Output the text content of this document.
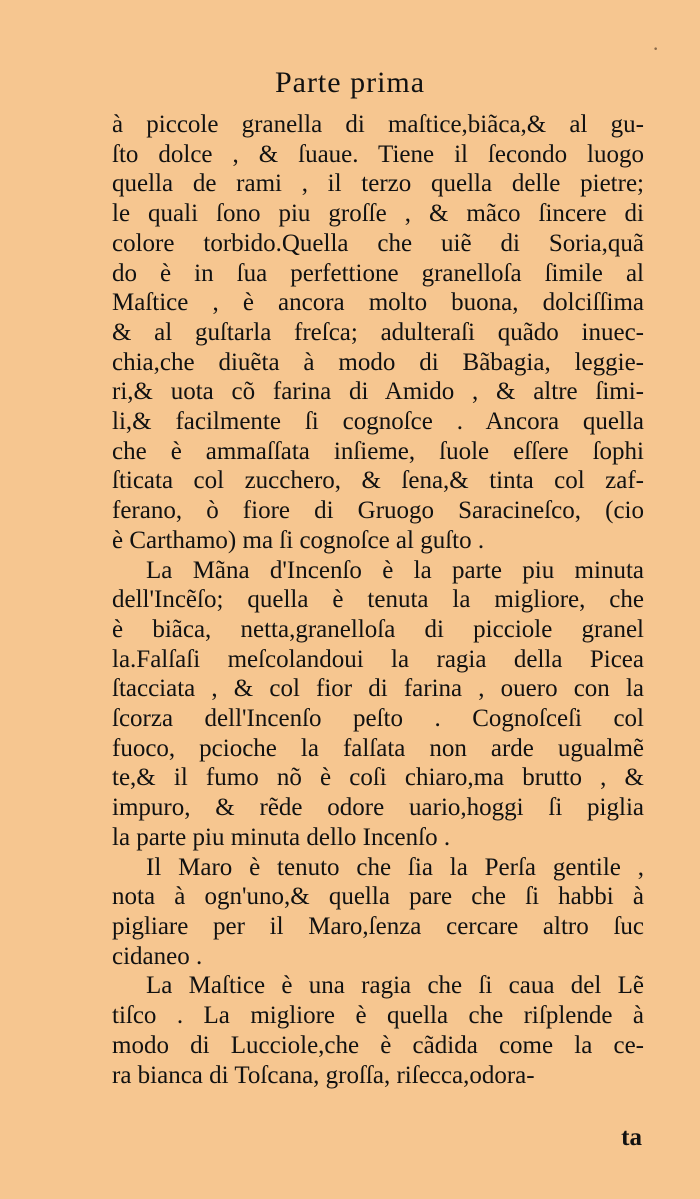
Parte prima
à piccole granella di maſtice,biãca,& al gu-
ſto dolce , & ſuaue. Tiene il ſecondo luogo
quella de rami , il terzo quella delle pietre;
le quali ſono piu groſſe , & mãco ſincere di
colore torbido.Quella che uiẽ di Soria,quã
do è in ſua perfettione granelloſa ſimile al
Maſtice , è ancora molto buona, dolciſſima
& al guſtarla freſca; adulteraſi quãdo inuec-
chia,che diuẽta à modo di Bãbagia, leggie-
ri,& uota cõ farina di Amido , & altre ſimi-
li,& facilmente ſi cognoſce . Ancora quella
che è ammaſſata inſieme, ſuole eſſere ſophi
ſticata col zucchero, & ſena,& tinta col zaf-
ferano, ò fiore di Gruogo Saracineſco, (cio
è Carthamo) ma ſi cognoſce al guſto .
La Mãna d'Incenſo è la parte piu minuta
dell'Incẽſo; quella è tenuta la migliore, che
è biãca, netta,granelloſa di picciole granel
la.Falſaſi meſcolandoui la ragia della Picea
ſtacciata , & col fior di farina , ouero con la
ſcorza dell'Incenſo peſto . Cognoſceſi col
fuoco, pcioche la falſata non arde ugualmẽ
te,& il fumo nõ è coſi chiaro,ma brutto , &
impuro, & rẽde odore uario,hoggi ſi piglia
la parte piu minuta dello Incenſo .
Il Maro è tenuto che ſia la Perſa gentile ,
nota à ogn'uno,& quella pare che ſi habbi à
pigliare per il Maro,ſenza cercare altro ſuc
cidaneo .
La Maſtice è una ragia che ſi caua del Lẽ
tiſco . La migliore è quella che riſplende à
modo di Lucciole,che è cãdida come la ce-
ra bianca di Toſcana, groſſa, riſecca,odora-
ta
·
